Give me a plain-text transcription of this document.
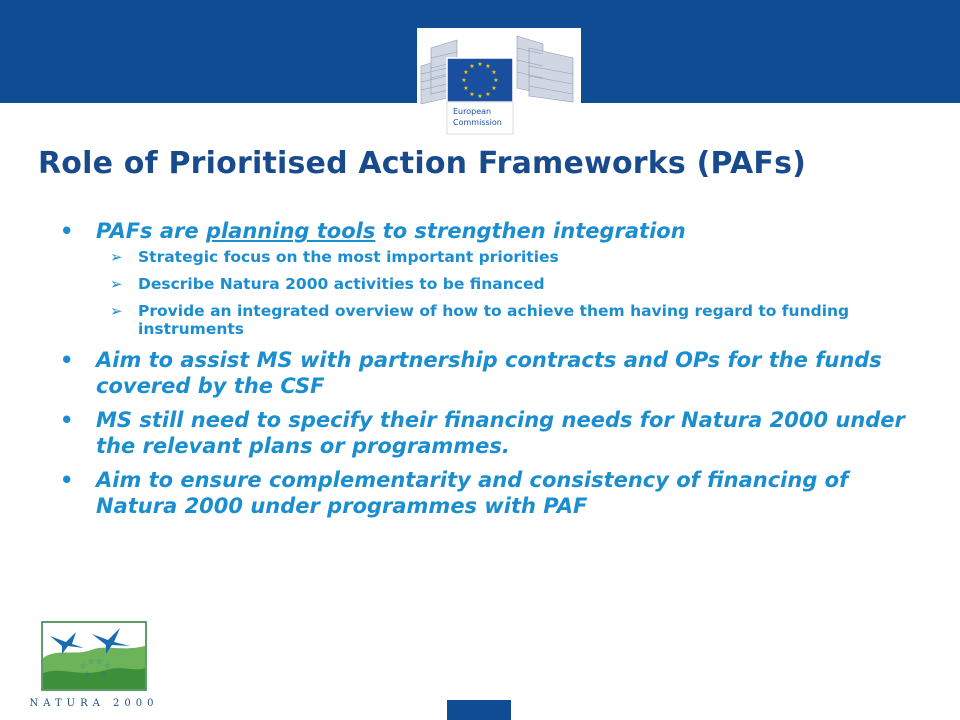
★ ★
★
★
★
★
★
★
★
★
★
★
European
Commission
Role of Prioritised Action Frameworks (PAFs)
• PAFs are planning tools to strengthen integration
➢ Strategic focus on the most important priorities
➢ Describe Natura 2000 activities to be financed
➢ Provide an integrated overview of how to achieve them having regard to funding instruments
• Aim to assist MS with partnership contracts and OPs for the funds covered by the CSF
• MS still need to specify their financing needs for Natura 2000 under the relevant plans or programmes.
• Aim to ensure complementarity and consistency of financing of Natura 2000 under programmes with PAF
☆ ☆ ☆ ☆
☆ ☆
NATURA 2000
